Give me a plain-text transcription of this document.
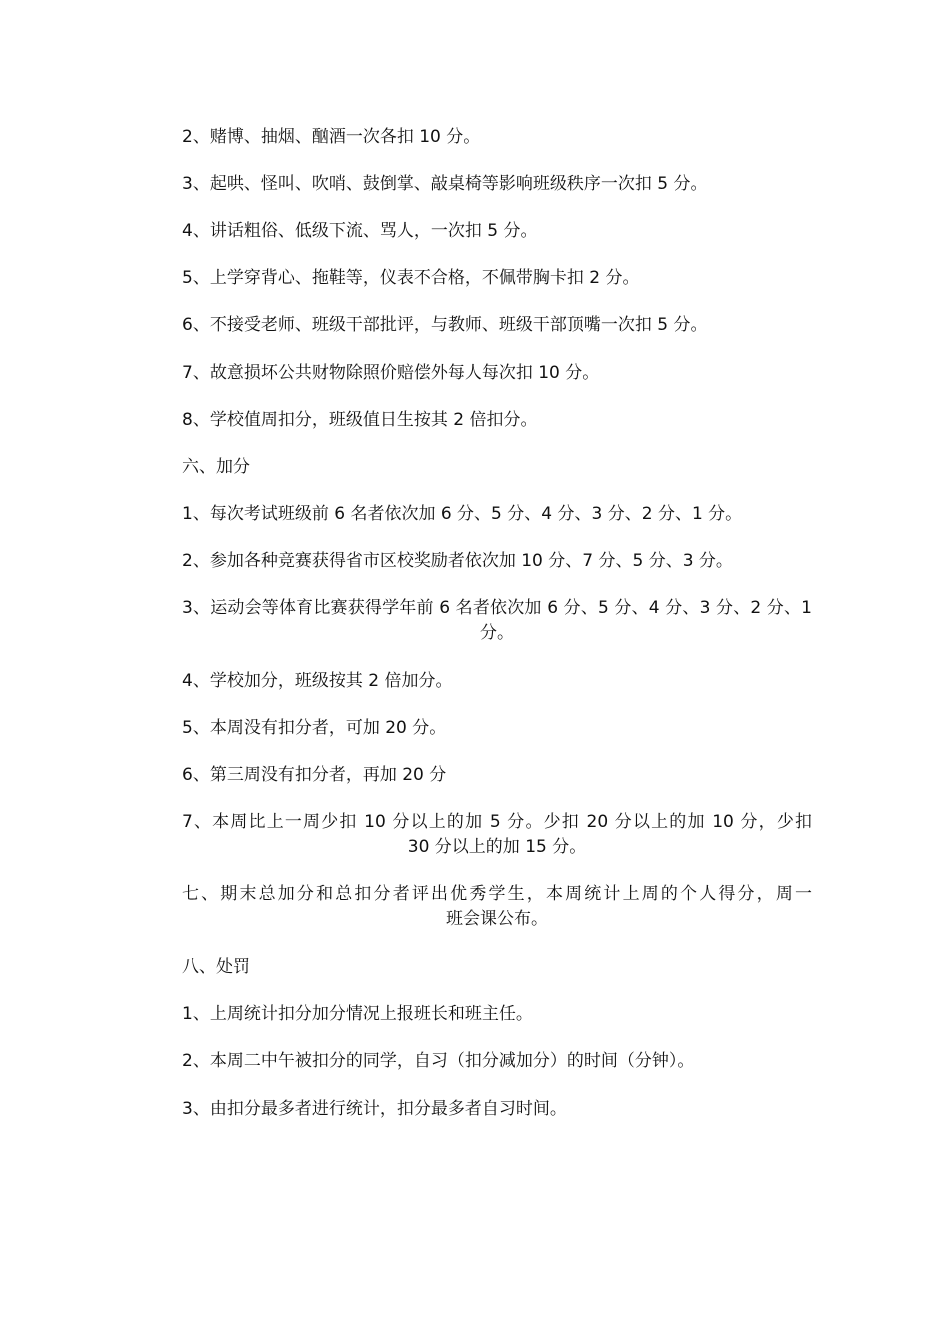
2、赌博、抽烟、酗酒一次各扣 10 分。
3、起哄、怪叫、吹哨、鼓倒掌、敲桌椅等影响班级秩序一次扣 5 分。
4、讲话粗俗、低级下流、骂人，一次扣 5 分。
5、上学穿背心、拖鞋等，仪表不合格，不佩带胸卡扣 2 分。
6、不接受老师、班级干部批评，与教师、班级干部顶嘴一次扣 5 分。
7、故意损坏公共财物除照价赔偿外每人每次扣 10 分。
8、学校值周扣分，班级值日生按其 2 倍扣分。
六、加分
1、每次考试班级前 6 名者依次加 6 分、5 分、4 分、3 分、2 分、1 分。
2、参加各种竞赛获得省市区校奖励者依次加 10 分、7 分、5 分、3 分。
3、运动会等体育比赛获得学年前 6 名者依次加 6 分、5 分、4 分、3 分、2 分、1
分。
4、学校加分，班级按其 2 倍加分。
5、本周没有扣分者，可加 20 分。
6、第三周没有扣分者，再加 20 分
7、本周比上一周少扣 10 分以上的加 5 分。少扣 20 分以上的加 10 分，少扣
30 分以上的加 15 分。
七、期末总加分和总扣分者评出优秀学生，本周统计上周的个人得分，周一
班会课公布。
八、处罚
1、上周统计扣分加分情况上报班长和班主任。
2、本周二中午被扣分的同学，自习（扣分减加分）的时间（分钟）。
3、由扣分最多者进行统计，扣分最多者自习时间。
